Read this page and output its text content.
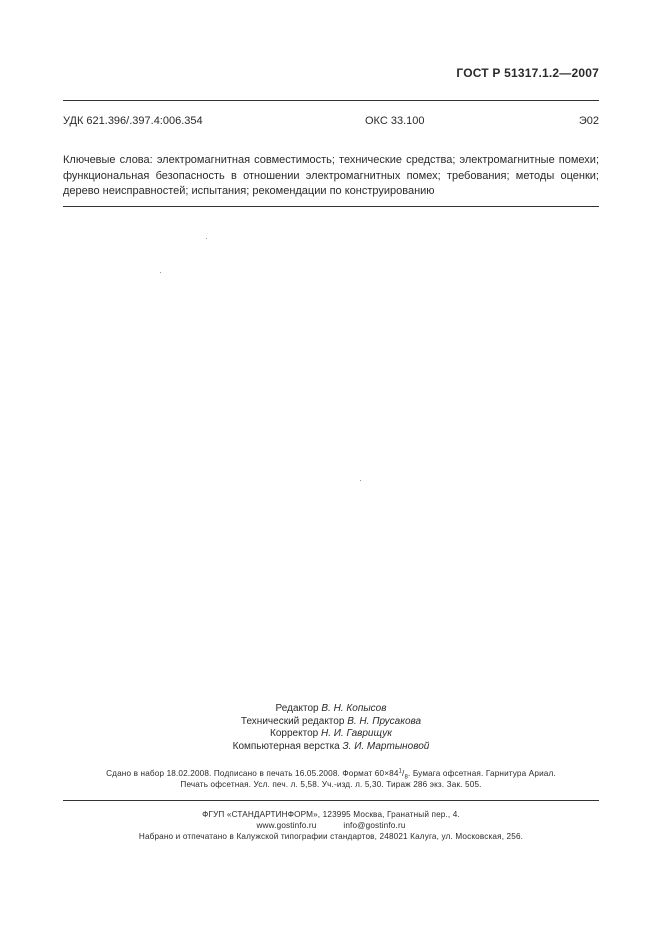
ГОСТ Р 51317.1.2—2007
УДК 621.396/.397.4:006.354	ОКС 33.100	Э02
Ключевые слова: электромагнитная совместимость; технические средства; электромагнитные помехи; функциональная безопасность в отношении электромагнитных помех; требования; методы оценки; дерево неисправностей; испытания; рекомендации по конструированию
Редактор В. Н. Копысов
Технический редактор В. Н. Прусакова
Корректор Н. И. Гаврищук
Компьютерная верстка З. И. Мартыновой
Сдано в набор 18.02.2008. Подписано в печать 16.05.2008. Формат $60\times 84^1/_8$. Бумага офсетная. Гарнитура Ариал.
Печать офсетная. Усл. печ. л. 5,58. Уч.-изд. л. 5,30. Тираж 286 экз. Зак. 505.
ФГУП «СТАНДАРТИНФОРМ», 123995 Москва, Гранатный пер., 4.
www.gostinfo.ru	info@gostinfo.ru
Набрано и отпечатано в Калужской типографии стандартов, 248021 Калуга, ул. Московская, 256.
